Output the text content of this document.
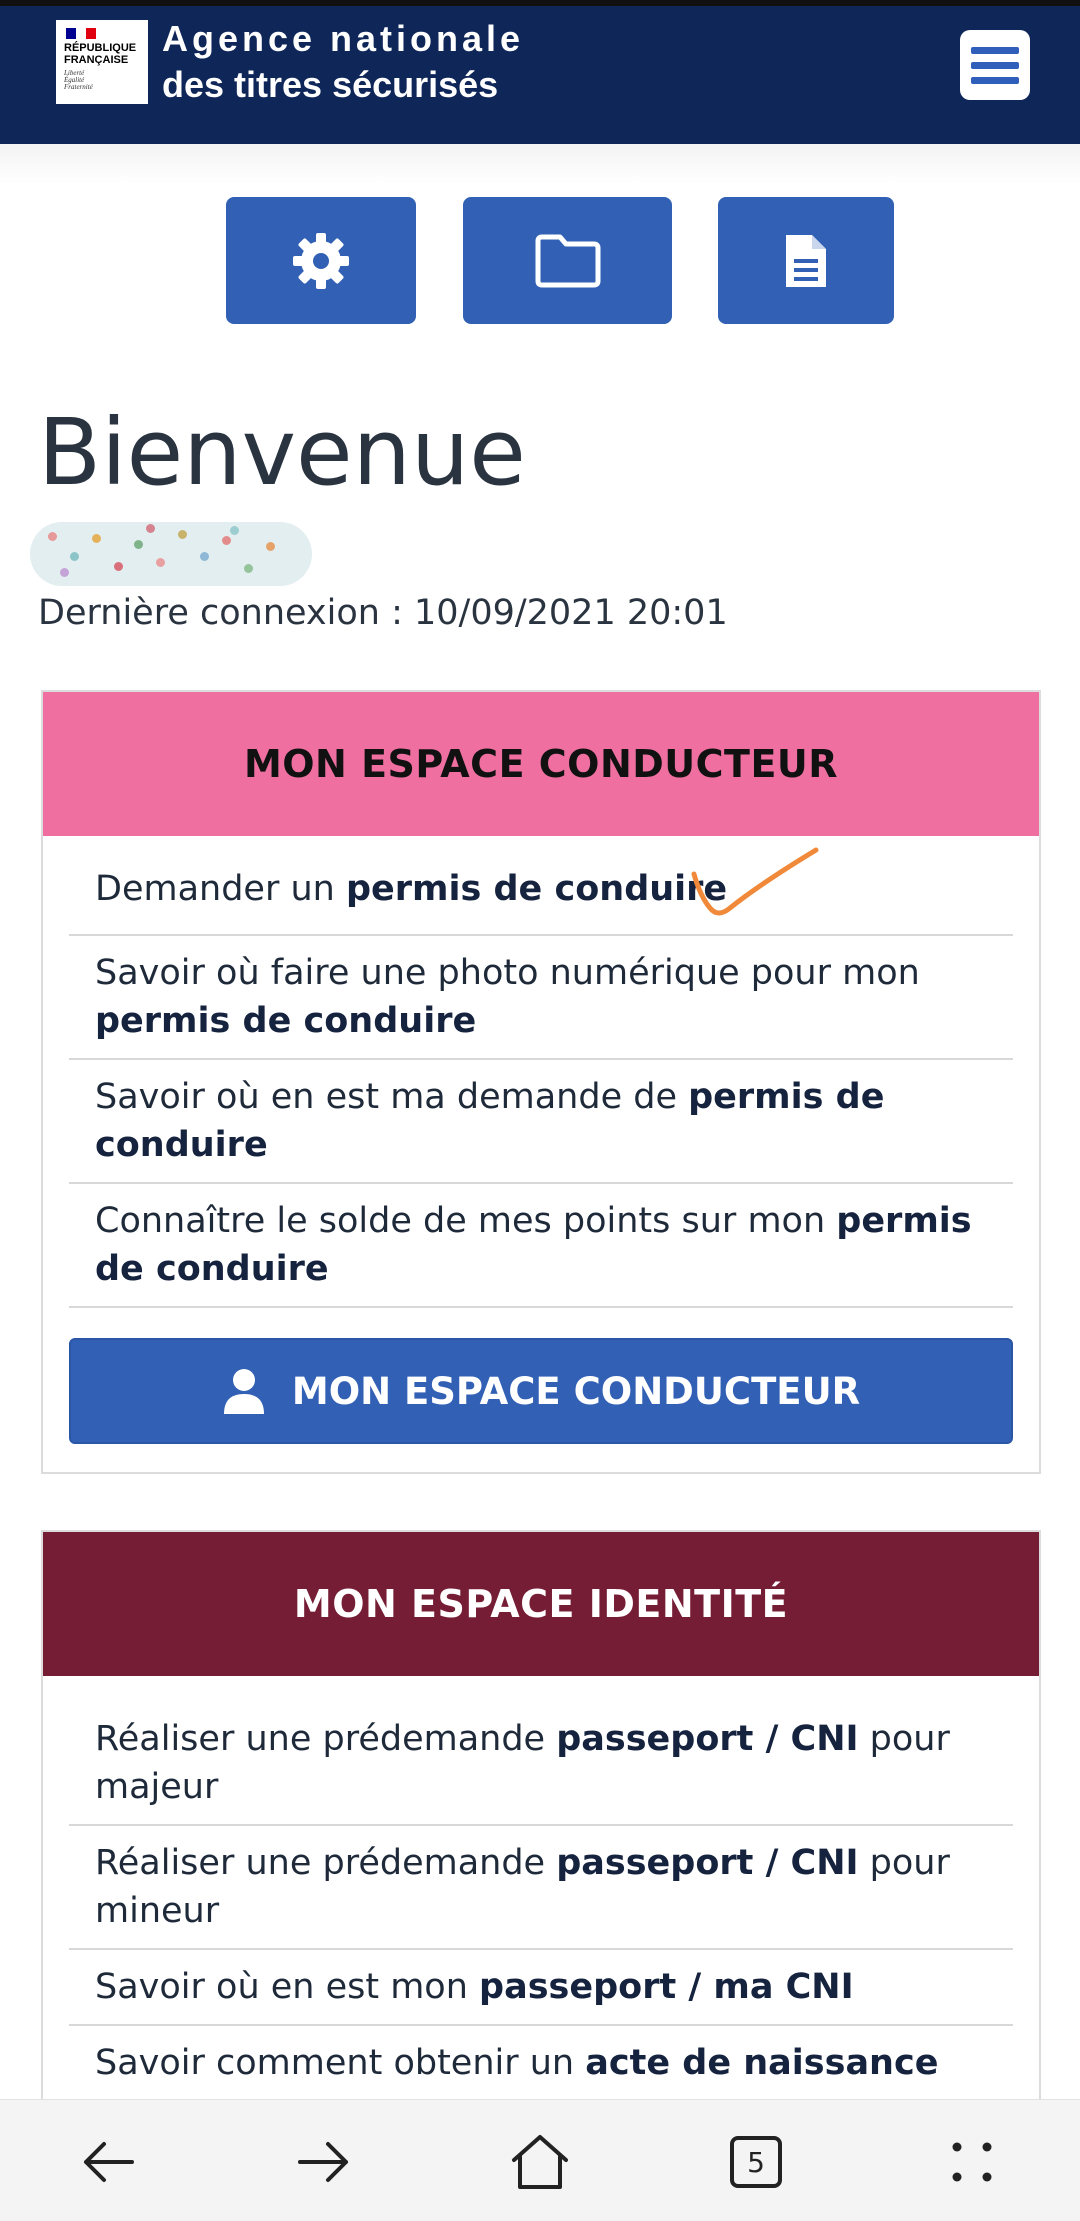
RÉPUBLIQUE
FRANÇAISE
Liberté
Égalité
Fraternité
Agence nationale
des titres sécurisés
Bienvenue
Dernière connexion : 10/09/2021 20:01
MON ESPACE CONDUCTEUR
Demander un permis de conduire
Savoir où faire une photo numérique pour mon permis de conduire
Savoir où en est ma demande de permis de conduire
Connaître le solde de mes points sur mon permis de conduire
MON ESPACE CONDUCTEUR
MON ESPACE IDENTITÉ
Réaliser une prédemande passeport / CNI pour majeur
Réaliser une prédemande passeport / CNI pour mineur
Savoir où en est mon passeport / ma CNI
Savoir comment obtenir un acte de naissance
5
